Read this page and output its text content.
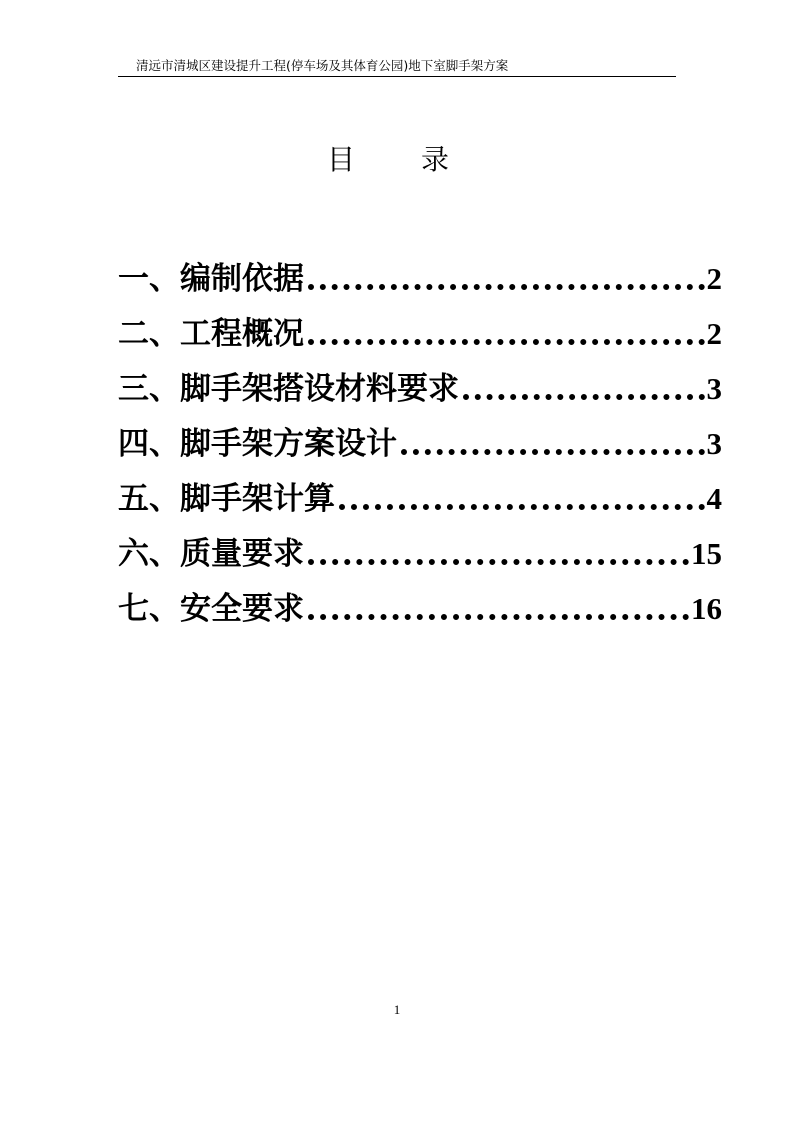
清远市清城区建设提升工程(停车场及其体育公园)地下室脚手架方案
目 录
一、编制依据	2
二、工程概况	2
三、脚手架搭设材料要求	3
四、脚手架方案设计	3
五、脚手架计算	4
六、质量要求	15
七、安全要求	16
1
